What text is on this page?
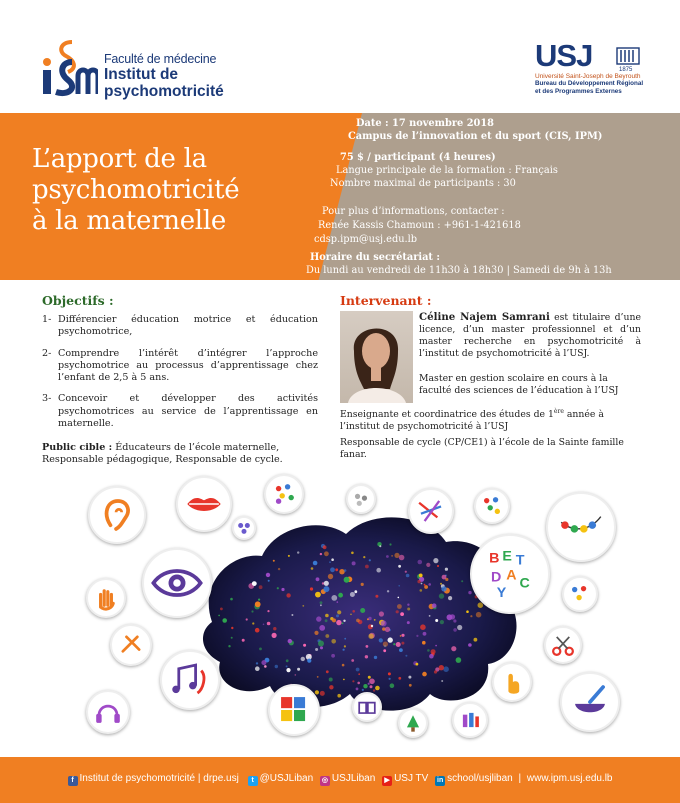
Faculté de médecine
Institut de
psychomotricité
USJ	1875
Université Saint-Joseph de Beyrouth
Bureau du Développement Régional
et des Programmes Externes
L’apport de la
psychomotricité
à la maternelle
Date : 17 novembre 2018
Campus de l’innovation et du sport (CIS, IPM)
75 $ / participant (4 heures)
Langue principale de la formation : Français
Nombre maximal de participants : 30
Pour plus d’informations, contacter :
Renée Kassis Chamoun : +961-1-421618
cdsp.ipm@usj.edu.lb
Horaire du secrétariat :
Du lundi au vendredi de 11h30 à 18h30 | Samedi de 9h à 13h
Objectifs :
1- Différencier éducation motrice et éducation psychomotrice,
2- Comprendre l’intérêt d’intégrer l’approche psychomotrice au processus d’apprentissage chez l’enfant de 2,5 à 5 ans.
3- Concevoir et développer des activités psychomotrices au service de l’apprentissage en maternelle.
Public cible : Éducateurs de l’école maternelle, Responsable pédagogique, Responsable de cycle.
Intervenant :
Céline Najem Samrani est titulaire d’une licence, d’un master professionnel et d’un master recherche en psychomotricité à l’institut de psychomotricité à l’USJ.
Master en gestion scolaire en cours à la faculté des sciences de l’éducation à l’USJ
Enseignante et coordinatrice des études de 1ère année à l’institut de psychomotricité à l’USJ
Responsable de cycle (CP/CE1) à l’école de la Sainte famille fanar.
B E T
D A
Y
C
f Institut de psychomotricité | drpe.usj t @USJLiban ◎ USJLiban ▶ USJ TV in school/usjliban | www.ipm.usj.edu.lb
